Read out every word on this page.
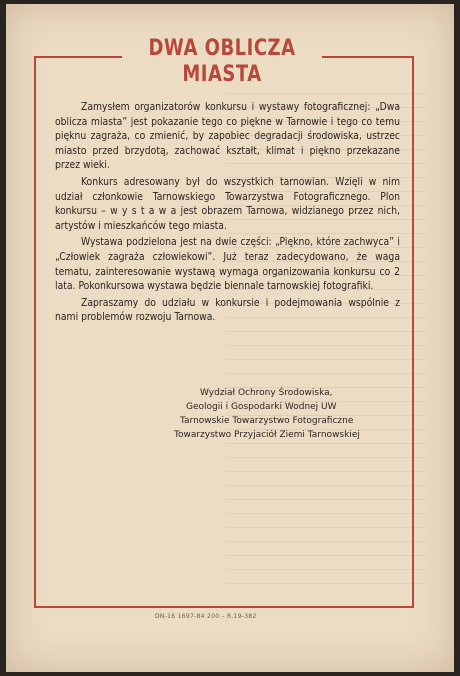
DWA OBLICZA MIASTA

Zamysłem organizatorów konkursu i wystawy fotograficznej: „Dwa oblicza miasta” jest pokazanie tego co piękne w Tarnowie i tego co temu pięknu zagraża, co zmienić, by zapobiec degradacji środowiska, ustrzec miasto przed brzydotą, zachować kształt, klimat i piękno przekazane przez wieki.

Konkurs adresowany był do wszystkich tarnowian. Wzięli w nim udział członkowie Tarnowskiego Towarzystwa Fotograficznego. Plon konkursu – w y s t a w a jest obrazem Tarnowa, widzianego przez nich, artystów i mieszkańców tego miasta.

Wystawa podzielona jest na dwie części: „Piękno, które zachwyca” i „Człowiek zagraża człowiekowi”. Już teraz zadecydowano, że waga tematu, zainteresowanie wystawą wymaga organizowania konkursu co 2 lata. Pokonkursowa wystawa będzie biennale tarnowskiej fotografiki.

Zapraszamy do udziału w konkursie i podejmowania wspólnie z nami problemów rozwoju Tarnowa.

Wydział Ochrony Środowiska,
Geologii i Gospodarki Wodnej UW
Tarnowskie Towarzystwo Fotograficzne
Towarzystwo Przyjaciół Ziemi Tarnowskiej
DN-16 1697-84 200 – R.19-382
